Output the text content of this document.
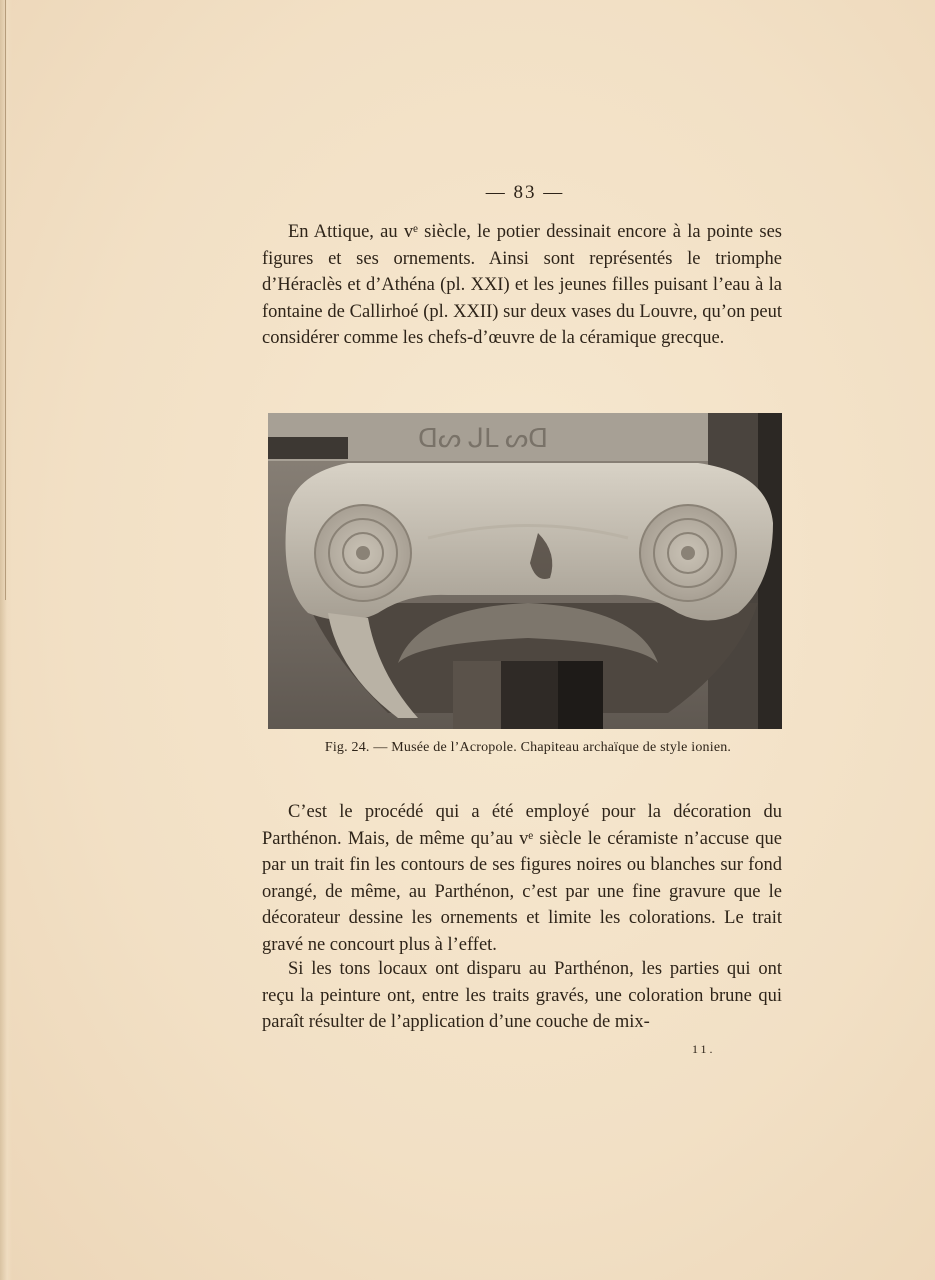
— 83 —

En Attique, au vᵉ siècle, le potier dessinait encore à la pointe ses figures et ses ornements. Ainsi sont représentés le triomphe d’Héraclès et d’Athéna (pl. XXI) et les jeunes filles puisant l’eau à la fontaine de Callirhoé (pl. XXII) sur deux vases du Louvre, qu’on peut considérer comme les chefs-d’œuvre de la céramique grecque.

ᗡᔕ ᒍᒪ ᔕᗡ
Fig. 24. — Musée de l’Acropole. Chapiteau archaïque de style ionien.

C’est le procédé qui a été employé pour la décoration du Parthénon. Mais, de même qu’au vᵉ siècle le céramiste n’accuse que par un trait fin les contours de ses figures noires ou blanches sur fond orangé, de même, au Parthénon, c’est par une fine gravure que le décorateur dessine les ornements et limite les colorations. Le trait gravé ne concourt plus à l’effet.

Si les tons locaux ont disparu au Parthénon, les parties qui ont reçu la peinture ont, entre les traits gravés, une coloration brune qui paraît résulter de l’application d’une couche de mix-

11.
